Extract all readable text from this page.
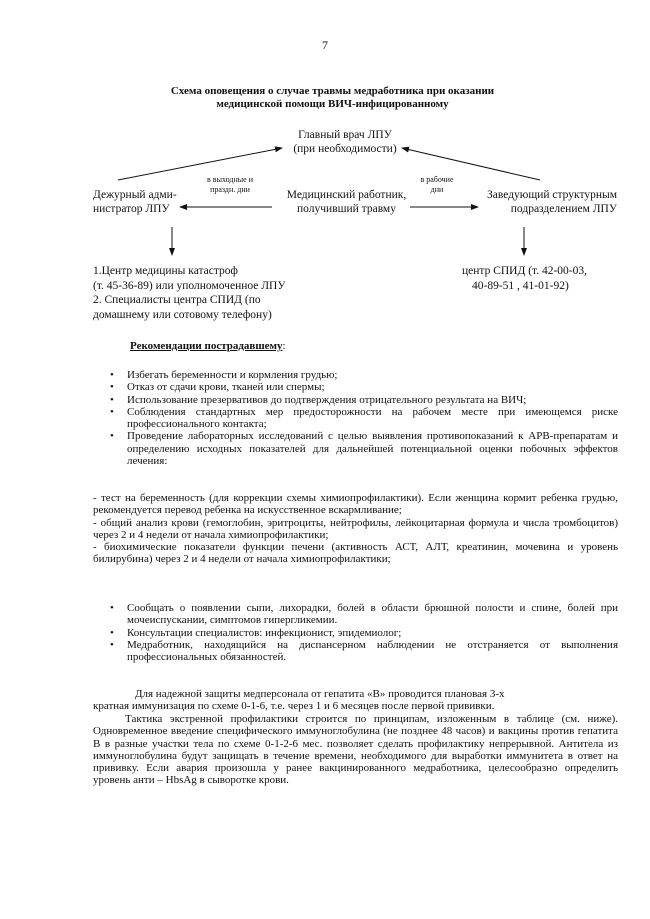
7
Схема оповещения о случае травмы медработника при оказании
медицинской помощи ВИЧ-инфицированному
Главный врач ЛПУ
(при необходимости)
Дежурный адми-
нистратор ЛПУ
в выходные и
праздн. дни	Медицинский работник,
получивший травму
в рабочие
дни	Заведующий структурным
подразделением ЛПУ
1.Центр медицины катастроф
(т. 45-36-89) или уполномоченное ЛПУ
2. Специалисты центра СПИД (по
домашнему или сотовому телефону)
центр СПИД (т. 42-00-03,
40-89-51 , 41-01-92)
Рекомендации пострадавшему:
• Избегать беременности и кормления грудью;
• Отказ от сдачи крови, тканей или спермы;
• Использование презервативов до подтверждения отрицательного результата на ВИЧ;
• Соблюдения стандартных мер предосторожности на рабочем месте при имеющемся риске профессионального контакта;
• Проведение лабораторных исследований с целью выявления противопоказаний к АРВ-препаратам и определению исходных показателей для дальнейшей потенциальной оценки побочных эффектов лечения:
- тест на беременность (для коррекции схемы химиопрофилактики). Если женщина кормит ребенка грудью, рекомендуется перевод ребенка на искусственное вскармливание;
- общий анализ крови (гемоглобин, эритроциты, нейтрофилы, лейкоцитарная формула и числа тромбоцитов) через 2 и 4 недели от начала химиопрофилактики;
- биохимические показатели функции печени (активность АСТ, АЛТ, креатинин, мочевина и уровень билирубина) через 2 и 4 недели от начала химиопрофилактики;
• Сообщать о появлении сыпи, лихорадки, болей в области брюшной полости и спине, болей при мочеиспускании, симптомов гипергликемии.
• Консультации специалистов: инфекционист, эпидемиолог;
• Медработник, находящийся на диспансерном наблюдении не отстраняется от выполнения профессиональных обязанностей.
Для надежной защиты медперсонала от гепатита «В» проводится плановая 3-х
кратная иммунизация по схеме 0-1-6, т.е. через 1 и 6 месяцев после первой прививки.
Тактика экстренной профилактики строится по принципам, изложенным в таблице (см. ниже). Одновременное введение специфического иммуноглобулина (не позднее 48 часов) и вакцины против гепатита В в разные участки тела по схеме 0-1-2-6 мес. позволяет сделать профилактику непрерывной. Антитела из иммуноглобулина будут защищать в течение времени, необходимого для выработки иммунитета в ответ на прививку. Если авария произошла у ранее вакцинированного медработника, целесообразно определить уровень анти – HbsAg в сыворотке крови.
